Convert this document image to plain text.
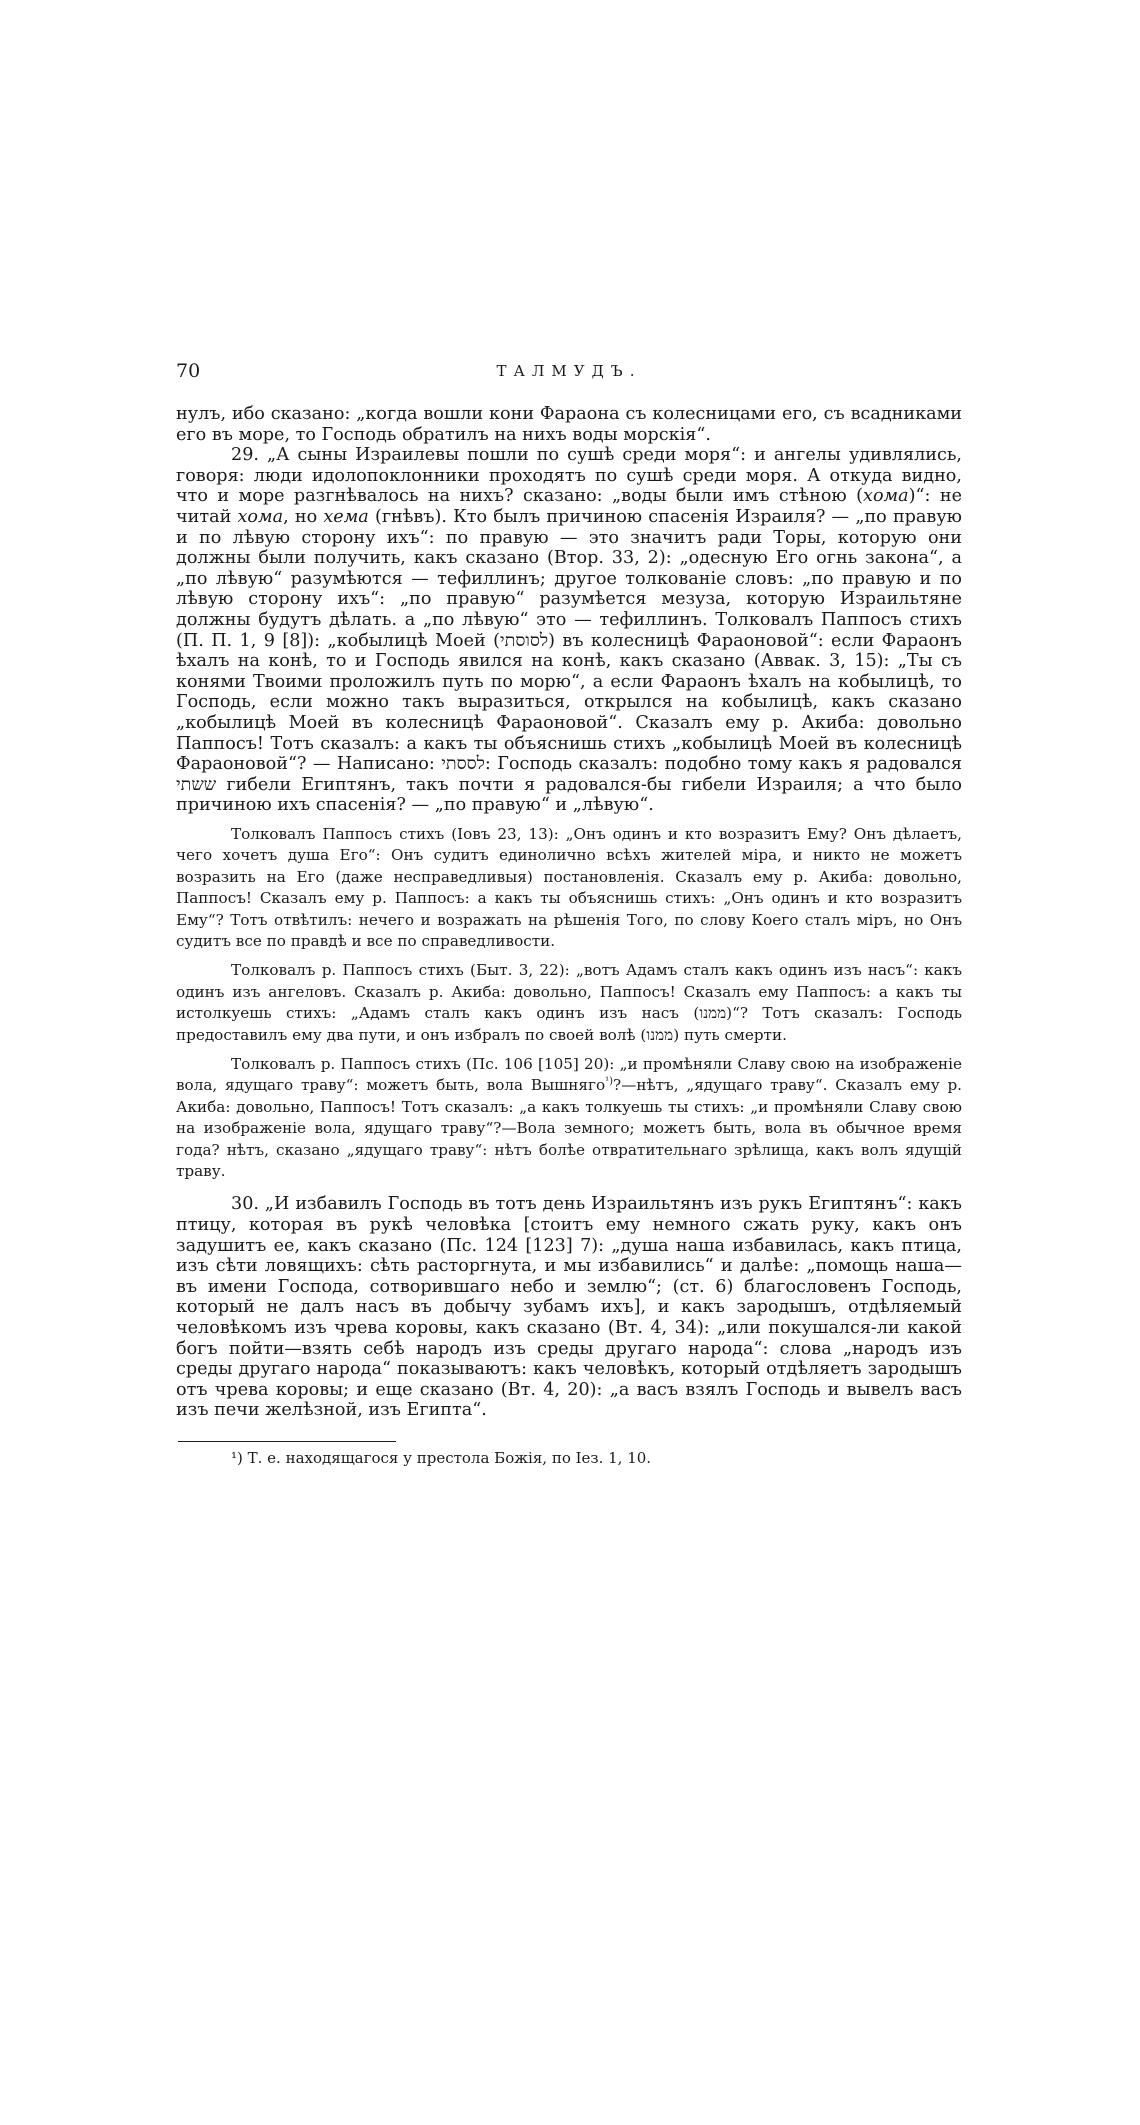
70	ТАЛМУДЪ.

нулъ, ибо сказано: „когда вошли кони Фараона съ колесницами его, съ всадниками его въ море, то Господь обратилъ на нихъ воды морскія“.

29. „А сыны Израилевы пошли по сушѣ среди моря“: и ангелы удивлялись, говоря: люди идолопоклонники проходятъ по сушѣ среди моря. А откуда видно, что и море разгнѣвалось на нихъ? сказано: „воды были имъ стѣною (хома)“: не читай хома, но хема (гнѣвъ). Кто былъ причиною спасенія Израиля? — „по правую и по лѣвую сторону ихъ“: по правую — это значитъ ради Торы, которую они должны были получить, какъ сказано (Втор. 33, 2): „одесную Его огнь закона“, а „по лѣвую“ разумѣются — тефиллинъ; другое толкованіе словъ: „по правую и по лѣвую сторону ихъ“: „по правую“ разумѣется мезуза, которую Израильтяне должны будутъ дѣлать. а „по лѣвую“ это — тефиллинъ. Толковалъ Паппосъ стихъ (П. П. 1, 9 [8]): „кобылицѣ Моей (לסוסתי) въ колесницѣ Фараоновой“: если Фараонъ ѣхалъ на конѣ, то и Господь явился на конѣ, какъ сказано (Аввак. 3, 15): „Ты съ конями Твоими проложилъ путь по морю“, а если Фараонъ ѣхалъ на кобылицѣ, то Господь, если можно такъ выразиться, открылся на кобылицѣ, какъ сказано „кобылицѣ Моей въ колесницѣ Фараоновой“. Сказалъ ему р. Акиба: довольно Паппосъ! Тотъ сказалъ: а какъ ты объяснишь стихъ „кобылицѣ Моей въ колесницѣ Фараоновой“? — Написано: לססתי: Господь сказалъ: подобно тому какъ я радовался ששתי гибели Египтянъ, такъ почти я радовался-бы гибели Израиля; а что было причиною ихъ спасенія? — „по правую“ и „лѣвую“.

Толковалъ Паппосъ стихъ (Іовъ 23, 13): „Онъ одинъ и кто возразитъ Ему? Онъ дѣлаетъ, чего хочетъ душа Его“: Онъ судитъ единолично всѣхъ жителей міра, и никто не можетъ возразить на Его (даже несправедливыя) постановленія. Сказалъ ему р. Акиба: довольно, Паппосъ! Сказалъ ему р. Паппосъ: а какъ ты объяснишь стихъ: „Онъ одинъ и кто возразитъ Ему“? Тотъ отвѣтилъ: нечего и возражать на рѣшенія Того, по слову Коего сталъ міръ, но Онъ судитъ все по правдѣ и все по справедливости.

Толковалъ р. Паппосъ стихъ (Быт. 3, 22): „вотъ Адамъ сталъ какъ одинъ изъ насъ“: какъ одинъ изъ ангеловъ. Сказалъ р. Акиба: довольно, Паппосъ! Сказалъ ему Паппосъ: а какъ ты истолкуешь стихъ: „Адамъ сталъ какъ одинъ изъ насъ (ממנו)“? Тотъ сказалъ: Господь предоставилъ ему два пути, и онъ избралъ по своей волѣ (ממנו) путь смерти.

Толковалъ р. Паппосъ стихъ (Пс. 106 [105] 20): „и промѣняли Славу свою на изображеніе вола, ядущаго траву“: можетъ быть, вола Вышняго$^{^1)}$?—нѣтъ, „ядущаго траву“. Сказалъ ему р. Акиба: довольно, Паппосъ! Тотъ сказалъ: „а какъ толкуешь ты стихъ: „и промѣняли Славу свою на изображеніе вола, ядущаго траву“?—Вола земного; можетъ быть, вола въ обычное время года? нѣтъ, сказано „ядущаго траву“: нѣтъ болѣе отвратительнаго зрѣлища, какъ волъ ядущій траву.

30. „И избавилъ Господь въ тотъ день Израильтянъ изъ рукъ Египтянъ“: какъ птицу, которая въ рукѣ человѣка [стоитъ ему немного сжать руку, какъ онъ задушитъ ее, какъ сказано (Пс. 124 [123] 7): „душа наша избавилась, какъ птица, изъ сѣти ловящихъ: сѣть расторгнута, и мы избавились“ и далѣе: „помощь наша—въ имени Господа, сотворившаго небо и землю“; (ст. 6) благословенъ Господь, который не далъ насъ въ добычу зубамъ ихъ], и какъ зародышъ, отдѣляемый человѣкомъ изъ чрева коровы, какъ сказано (Вт. 4, 34): „или покушался-ли какой богъ пойти—взять себѣ народъ изъ среды другаго народа“: слова „народъ изъ среды другаго народа“ показываютъ: какъ человѣкъ, который отдѣляетъ зародышъ отъ чрева коровы; и еще сказано (Вт. 4, 20): „а васъ взялъ Господь и вывелъ васъ изъ печи желѣзной, изъ Египта“.

¹) Т. е. находящагося у престола Божія, по Іез. 1, 10.
